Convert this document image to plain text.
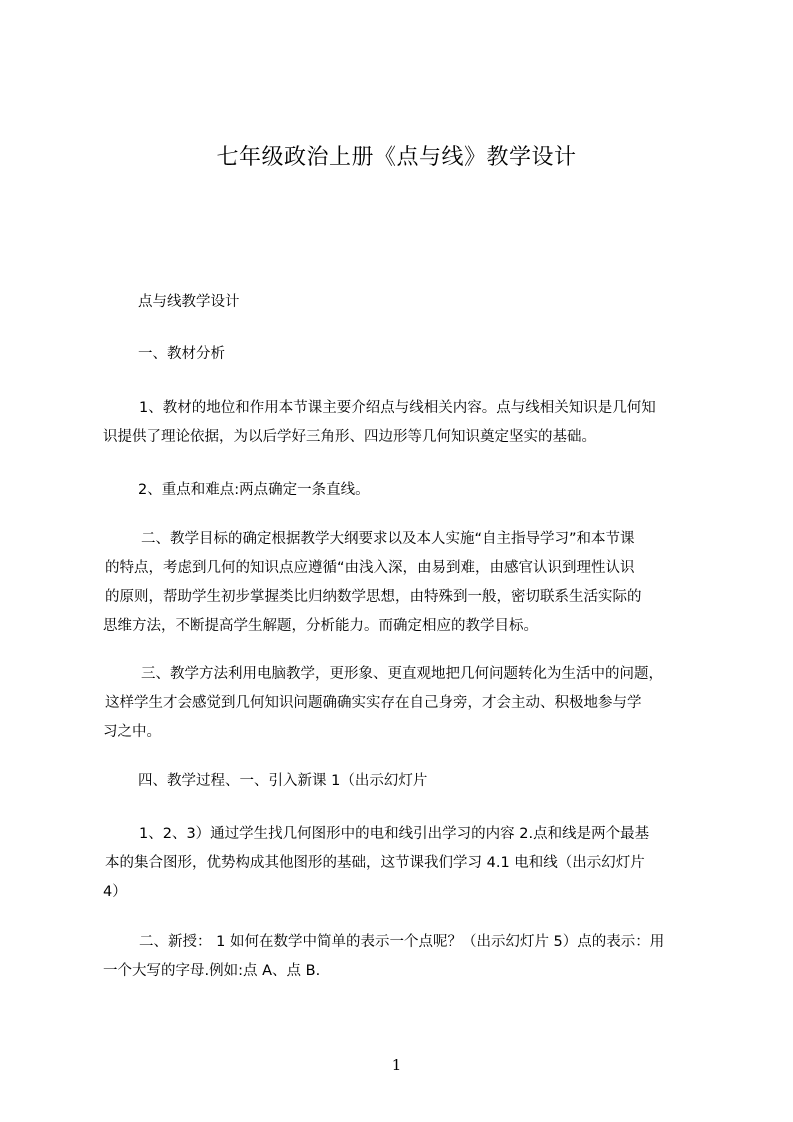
七年级政治上册《点与线》教学设计
点与线教学设计
一、教材分析
1、教材的地位和作用本节课主要介绍点与线相关内容。点与线相关知识是几何知
识提供了理论依据，为以后学好三角形、四边形等几何知识奠定坚实的基础。
2、重点和难点:两点确定一条直线。
二、教学目标的确定根据教学大纲要求以及本人实施“自主指导学习”和本节课
的特点，考虑到几何的知识点应遵循“由浅入深，由易到难，由感官认识到理性认识
的原则，帮助学生初步掌握类比归纳数学思想，由特殊到一般，密切联系生活实际的
思维方法，不断提高学生解题，分析能力。而确定相应的教学目标。
三、教学方法利用电脑教学，更形象、更直观地把几何问题转化为生活中的问题，
这样学生才会感觉到几何知识问题确确实实存在自己身旁，才会主动、积极地参与学
习之中。
四、教学过程、一、引入新课 1（出示幻灯片
1、2、3）通过学生找几何图形中的电和线引出学习的内容 2.点和线是两个最基
本的集合图形，优势构成其他图形的基础，这节课我们学习 4.1 电和线（出示幻灯片
4）
二、新授： 1 如何在数学中简单的表示一个点呢？（出示幻灯片 5）点的表示：用
一个大写的字母.例如:点 A、点 B.
1
